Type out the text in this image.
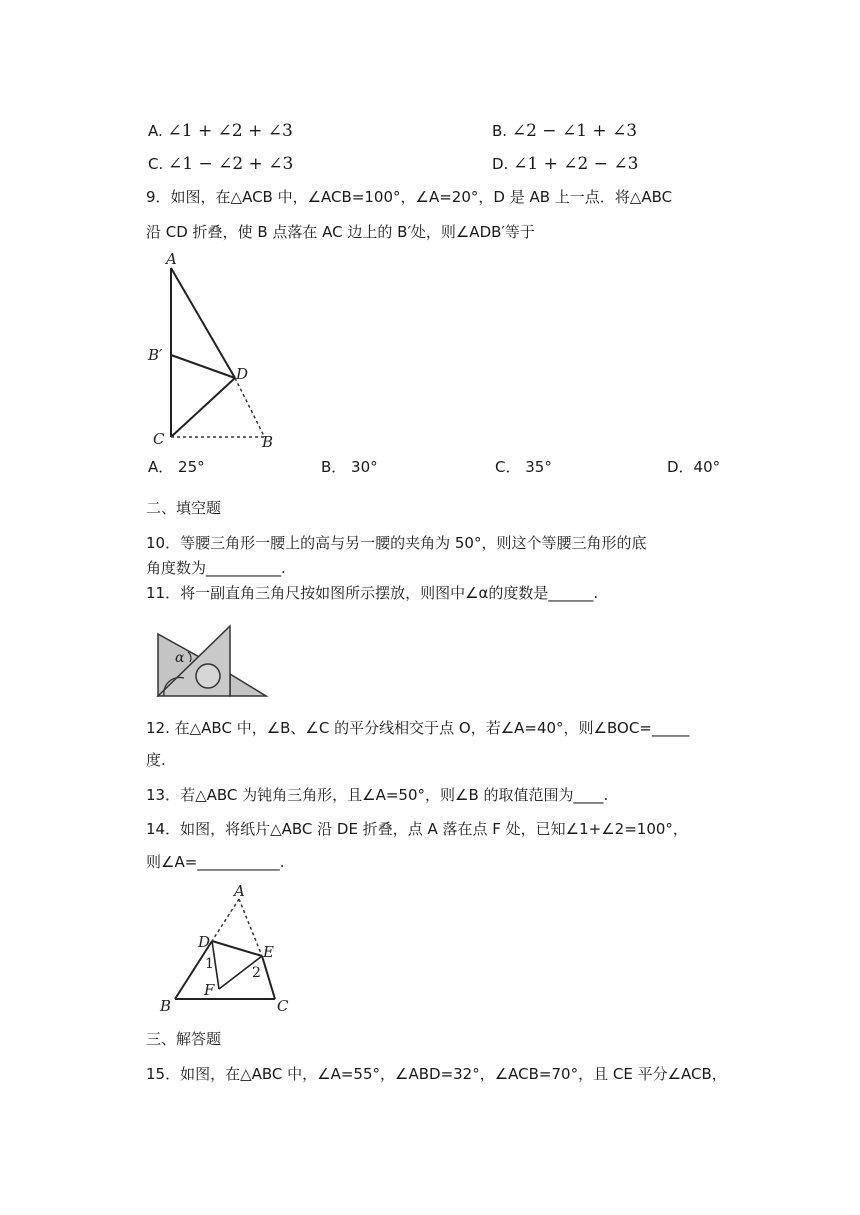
A. ∠1 + ∠2 + ∠3	B. ∠2 − ∠1 + ∠3
C. ∠1 − ∠2 + ∠3	D. ∠1 + ∠2 − ∠3
9．如图，在△ACB 中，∠ACB=100°，∠A=20°，D 是 AB 上一点．将△ABC
沿 CD 折叠，使 B 点落在 AC 边上的 B′处，则∠ADB′等于
A
B′
D
C	B
A． 25°	B． 30°	C． 35°	D．40°
二、填空题
10．等腰三角形一腰上的高与另一腰的夹角为 50°，则这个等腰三角形的底
角度数为__________.
11．将一副直角三角尺按如图所示摆放，则图中∠α的度数是______.
α
12. 在△ABC 中，∠B、∠C 的平分线相交于点 O，若∠A=40°，则∠BOC=_____
度.
13．若△ABC 为钝角三角形，且∠A=50°，则∠B 的取值范围为____.
14．如图，将纸片△ABC 沿 DE 折叠，点 A 落在点 F 处，已知∠1+∠2=100°，
则∠A=___________.
A
D
E
1
2
F
B	C
三、解答题
15．如图，在△ABC 中，∠A=55°，∠ABD=32°，∠ACB=70°，且 CE 平分∠ACB，
